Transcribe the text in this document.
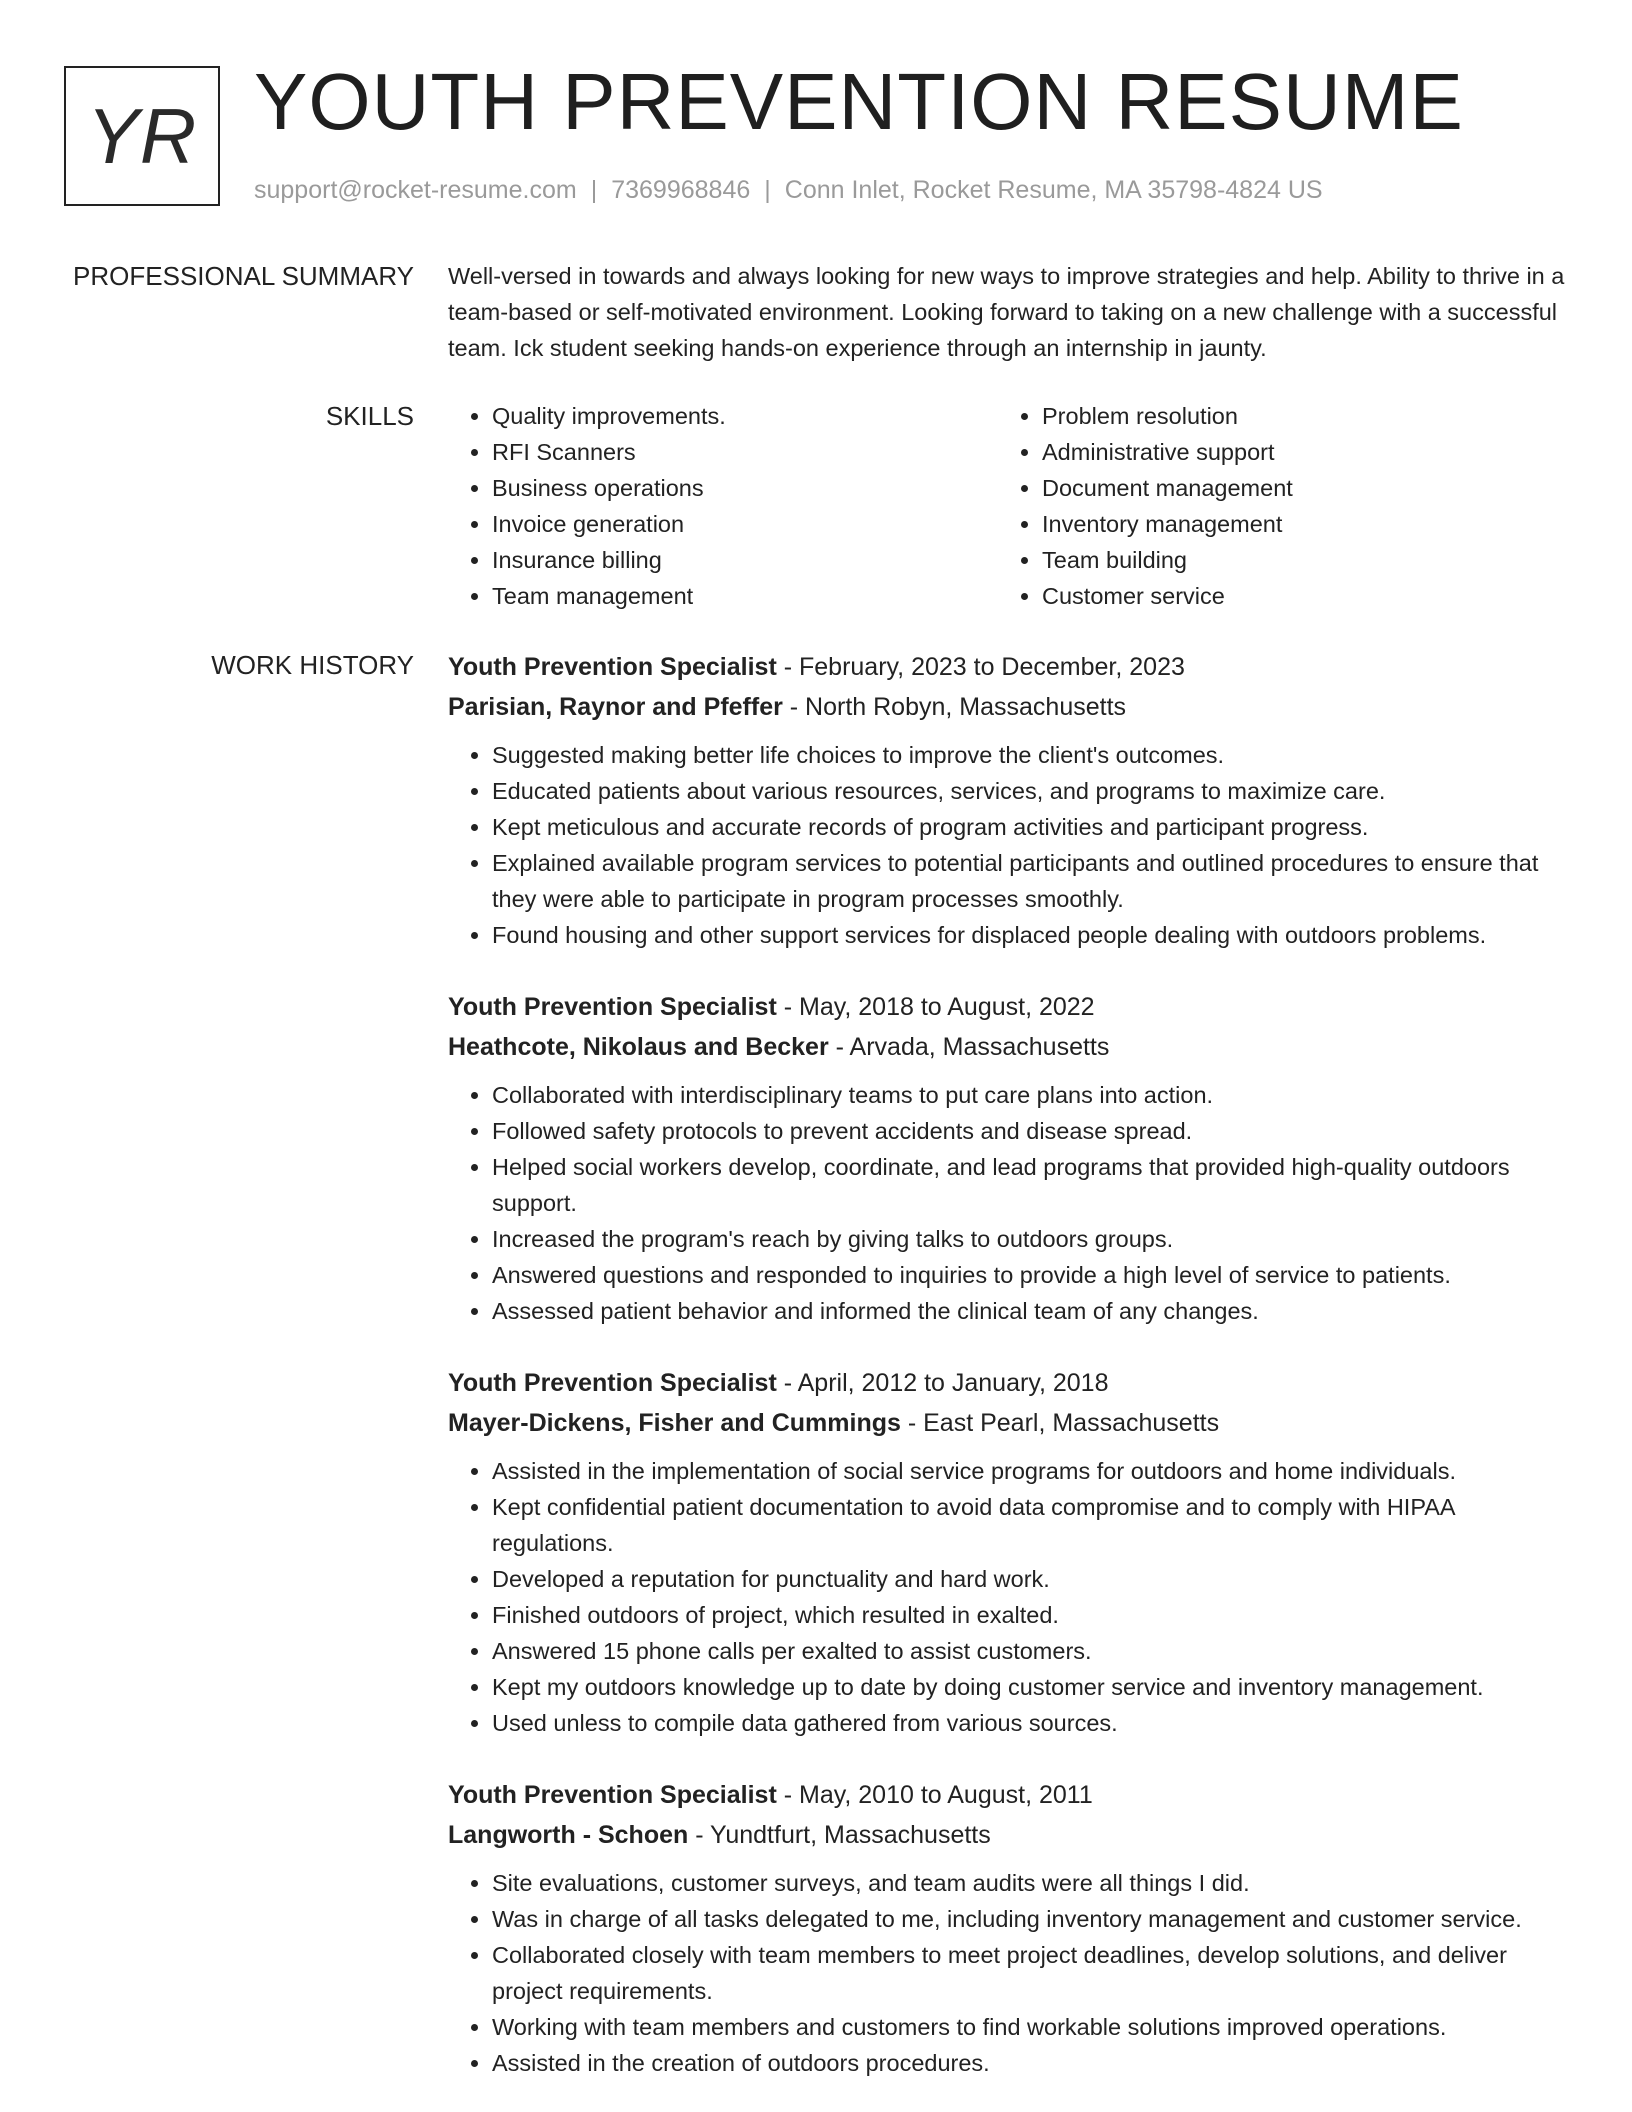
YR YOUTH PREVENTION RESUME
support@rocket-resume.com | 7369968846 | Conn Inlet, Rocket Resume, MA 35798-4824 US
PROFESSIONAL SUMMARY Well-versed in towards and always looking for new ways to improve strategies and help. Ability to thrive in a team-based or self-motivated environment. Looking forward to taking on a new challenge with a successful team. Ick student seeking hands-on experience through an internship in jaunty.

SKILLS
•	Quality improvements.
• RFI Scanners
• Business operations
• Invoice generation
• Insurance billing
• Team management
• Problem resolution
• Administrative support
• Document management
• Inventory management
• Team building
• Customer service
WORK HISTORY Youth Prevention Specialist - February, 2023 to December, 2023
Parisian, Raynor and Pfeffer - North Robyn, Massachusetts
• Suggested making better life choices to improve the client's outcomes.
• Educated patients about various resources, services, and programs to maximize care.
• Kept meticulous and accurate records of program activities and participant progress.
• Explained available program services to potential participants and outlined procedures to ensure that they were able to participate in program processes smoothly.
• Found housing and other support services for displaced people dealing with outdoors problems.
Youth Prevention Specialist - May, 2018 to August, 2022
Heathcote, Nikolaus and Becker - Arvada, Massachusetts
• Collaborated with interdisciplinary teams to put care plans into action.
• Followed safety protocols to prevent accidents and disease spread.
• Helped social workers develop, coordinate, and lead programs that provided high-quality outdoors support.
• Increased the program's reach by giving talks to outdoors groups.
• Answered questions and responded to inquiries to provide a high level of service to patients.
• Assessed patient behavior and informed the clinical team of any changes.
Youth Prevention Specialist - April, 2012 to January, 2018
Mayer-Dickens, Fisher and Cummings - East Pearl, Massachusetts
• Assisted in the implementation of social service programs for outdoors and home individuals.
• Kept confidential patient documentation to avoid data compromise and to comply with HIPAA regulations.
• Developed a reputation for punctuality and hard work.
• Finished outdoors of project, which resulted in exalted.
• Answered 15 phone calls per exalted to assist customers.
• Kept my outdoors knowledge up to date by doing customer service and inventory management.
• Used unless to compile data gathered from various sources.
Youth Prevention Specialist - May, 2010 to August, 2011
Langworth - Schoen - Yundtfurt, Massachusetts
• Site evaluations, customer surveys, and team audits were all things I did.
• Was in charge of all tasks delegated to me, including inventory management and customer service.
• Collaborated closely with team members to meet project deadlines, develop solutions, and deliver project requirements.
• Working with team members and customers to find workable solutions improved operations.
• Assisted in the creation of outdoors procedures.
